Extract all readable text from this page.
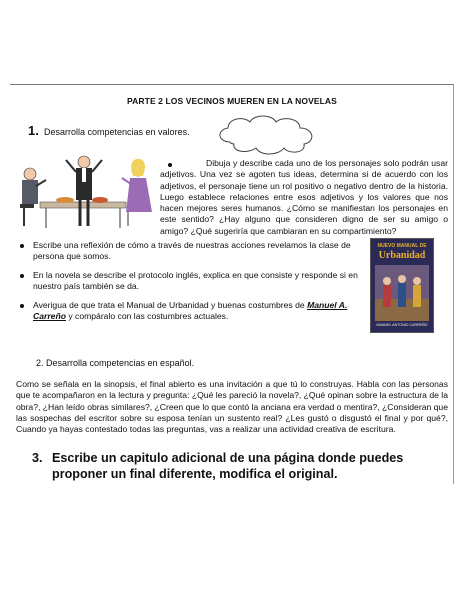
PARTE 2 LOS VECINOS MUEREN EN LA NOVELAS
1. Desarrolla competencias en valores.
Dibuja y describe cada uno de los personajes solo podrán usar adjetivos. Una vez se agoten tus ideas, determina si de acuerdo con los adjetivos, el personaje tiene un rol positivo o negativo dentro de la historia. Luego establece relaciones entre esos adjetivos y los valores que nos hacen mejores seres humanos. ¿Cómo se manifiestan los personajes en este sentido? ¿Hay alguno que consideren digno de ser su amigo o amigo? ¿Qué sugeriría que cambiaran en su compartimiento?
Escribe una reflexión de cómo a través de nuestras acciones revelamos la clase de persona que somos.
En la novela se describe el protocolo inglés, explica en que consiste y responde si en nuestro país también se da.
Averigua de que trata el Manual de Urbanidad y buenas costumbres de Manuel A. Carreño y compáralo con las costumbres actuales.
NUEVO MANUAL DE
Urbanidad
MANUEL ANTONIO CARREÑO
2. Desarrolla competencias en español.
Como se señala en la sinopsis, el final abierto es una invitación a que tú lo construyas. Habla con las personas que te acompañaron en la lectura y pregunta: ¿Qué les pareció la novela?, ¿Qué opinan sobre la estructura de la obra?, ¿Han leído obras similares?, ¿Creen que lo que contó la anciana era verdad o mentira?, ¿Consideran que las sospechas del escritor sobre su esposa tenían un sustento real? ¿Les gustó o disgustó el final y por qué?, Cuando ya hayas contestado todas las preguntas, vas a realizar una actividad creativa de escritura.
3. Escribe un capitulo adicional de una página donde puedes proponer un final diferente, modifica el original.
